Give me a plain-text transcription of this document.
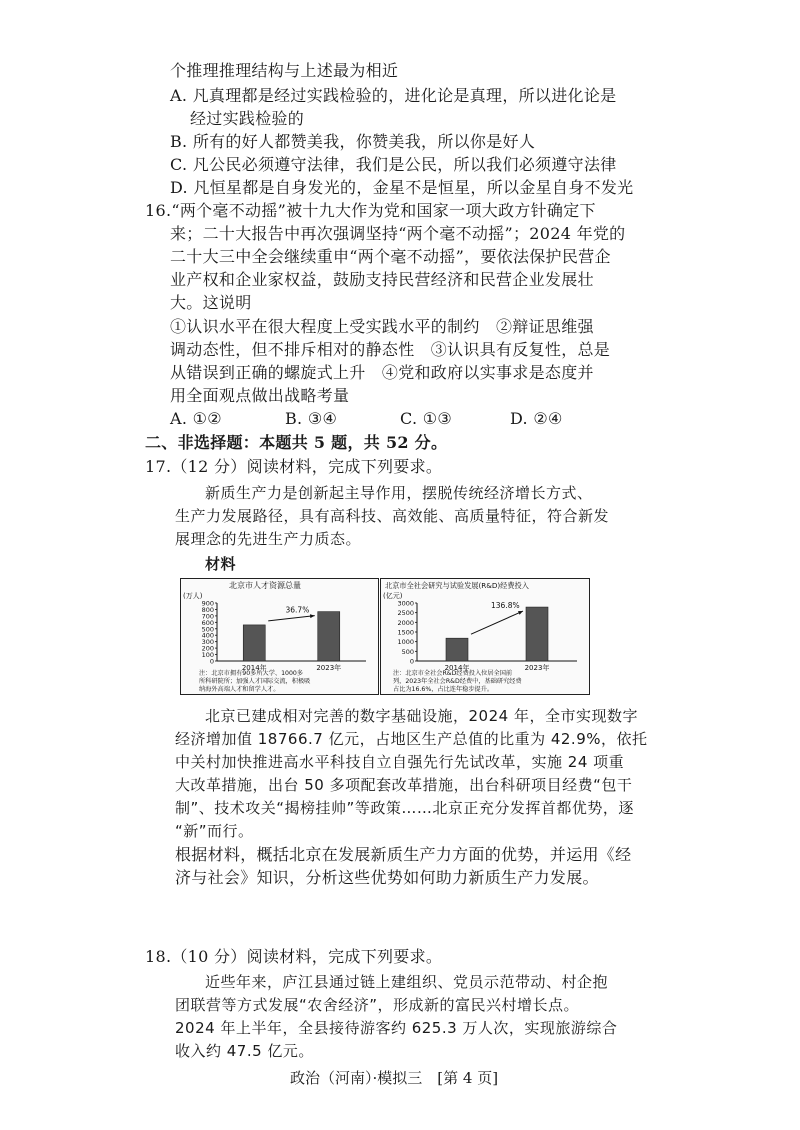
个推理推理结构与上述最为相近
A. 凡真理都是经过实践检验的，进化论是真理，所以进化论是
经过实践检验的
B. 所有的好人都赞美我，你赞美我，所以你是好人
C. 凡公民必须遵守法律，我们是公民，所以我们必须遵守法律
D. 凡恒星都是自身发光的，金星不是恒星，所以金星自身不发光
16.“两个毫不动摇”被十九大作为党和国家一项大政方针确定下
来；二十大报告中再次强调坚持“两个毫不动摇”；2024 年党的
二十大三中全会继续重申“两个毫不动摇”，要依法保护民营企
业产权和企业家权益，鼓励支持民营经济和民营企业发展壮
大。这说明
①认识水平在很大程度上受实践水平的制约　②辩证思维强
调动态性，但不排斥相对的静态性　③认识具有反复性，总是
从错误到正确的螺旋式上升　④党和政府以实事求是态度并
用全面观点做出战略考量
A. ①②	B. ③④	C. ①③	D. ②④
二、非选择题：本题共 5 题，共 52 分。
17.（12 分）阅读材料，完成下列要求。
新质生产力是创新起主导作用，摆脱传统经济增长方式、
生产力发展路径，具有高科技、高效能、高质量特征，符合新发
展理念的先进生产力质态。
材料
北京市人才资源总量
(万人)
900
800
700
600
500
400
300
200
100
0
2014年	2023年
36.7%
注：北京市拥有90多所大学、1000多
所科研院所；加强人才国际交流，积极吸
纳海外高端人才和留学人才。
北京市全社会研究与试验发展(R&D)经费投入
(亿元)
3000
2500
2000
1500
1000
500
0
2014年	2023年
136.8%
注：北京市全社会R&D经费投入位居全国前
列，2023年全社会R&D经费中，基础研究经费
占比为16.6%，占比连年稳步提升。
北京已建成相对完善的数字基础设施，2024 年，全市实现数字
经济增加值 18766.7 亿元，占地区生产总值的比重为 42.9%，依托
中关村加快推进高水平科技自立自强先行先试改革，实施 24 项重
大改革措施，出台 50 多项配套改革措施，出台科研项目经费“包干
制”、技术攻关“揭榜挂帅”等政策……北京正充分发挥首都优势，逐
“新”而行。
根据材料，概括北京在发展新质生产力方面的优势，并运用《经
济与社会》知识，分析这些优势如何助力新质生产力发展。
18.（10 分）阅读材料，完成下列要求。
近些年来，庐江县通过链上建组织、党员示范带动、村企抱
团联营等方式发展“农舍经济”，形成新的富民兴村增长点。
2024 年上半年，全县接待游客约 625.3 万人次，实现旅游综合
收入约 47.5 亿元。
政治（河南）·模拟三　[第 4 页]
